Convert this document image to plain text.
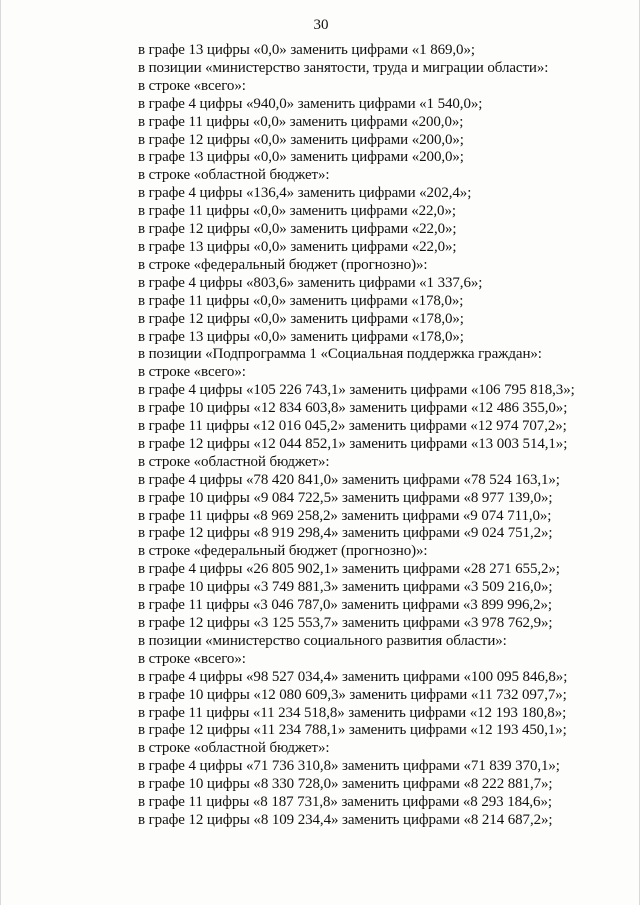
30
в графе 13 цифры «0,0» заменить цифрами «1 869,0»;
в позиции «министерство занятости, труда и миграции области»:
в строке «всего»:
в графе 4 цифры «940,0» заменить цифрами «1 540,0»;
в графе 11 цифры «0,0» заменить цифрами «200,0»;
в графе 12 цифры «0,0» заменить цифрами «200,0»;
в графе 13 цифры «0,0» заменить цифрами «200,0»;
в строке «областной бюджет»:
в графе 4 цифры «136,4» заменить цифрами «202,4»;
в графе 11 цифры «0,0» заменить цифрами «22,0»;
в графе 12 цифры «0,0» заменить цифрами «22,0»;
в графе 13 цифры «0,0» заменить цифрами «22,0»;
в строке «федеральный бюджет (прогнозно)»:
в графе 4 цифры «803,6» заменить цифрами «1 337,6»;
в графе 11 цифры «0,0» заменить цифрами «178,0»;
в графе 12 цифры «0,0» заменить цифрами «178,0»;
в графе 13 цифры «0,0» заменить цифрами «178,0»;
в позиции «Подпрограмма 1 «Социальная поддержка граждан»:
в строке «всего»:
в графе 4 цифры «105 226 743,1» заменить цифрами «106 795 818,3»;
в графе 10 цифры «12 834 603,8» заменить цифрами «12 486 355,0»;
в графе 11 цифры «12 016 045,2» заменить цифрами «12 974 707,2»;
в графе 12 цифры «12 044 852,1» заменить цифрами «13 003 514,1»;
в строке «областной бюджет»:
в графе 4 цифры «78 420 841,0» заменить цифрами «78 524 163,1»;
в графе 10 цифры «9 084 722,5» заменить цифрами «8 977 139,0»;
в графе 11 цифры «8 969 258,2» заменить цифрами «9 074 711,0»;
в графе 12 цифры «8 919 298,4» заменить цифрами «9 024 751,2»;
в строке «федеральный бюджет (прогнозно)»:
в графе 4 цифры «26 805 902,1» заменить цифрами «28 271 655,2»;
в графе 10 цифры «3 749 881,3» заменить цифрами «3 509 216,0»;
в графе 11 цифры «3 046 787,0» заменить цифрами «3 899 996,2»;
в графе 12 цифры «3 125 553,7» заменить цифрами «3 978 762,9»;
в позиции «министерство социального развития области»:
в строке «всего»:
в графе 4 цифры «98 527 034,4» заменить цифрами «100 095 846,8»;
в графе 10 цифры «12 080 609,3» заменить цифрами «11 732 097,7»;
в графе 11 цифры «11 234 518,8» заменить цифрами «12 193 180,8»;
в графе 12 цифры «11 234 788,1» заменить цифрами «12 193 450,1»;
в строке «областной бюджет»:
в графе 4 цифры «71 736 310,8» заменить цифрами «71 839 370,1»;
в графе 10 цифры «8 330 728,0» заменить цифрами «8 222 881,7»;
в графе 11 цифры «8 187 731,8» заменить цифрами «8 293 184,6»;
в графе 12 цифры «8 109 234,4» заменить цифрами «8 214 687,2»;
